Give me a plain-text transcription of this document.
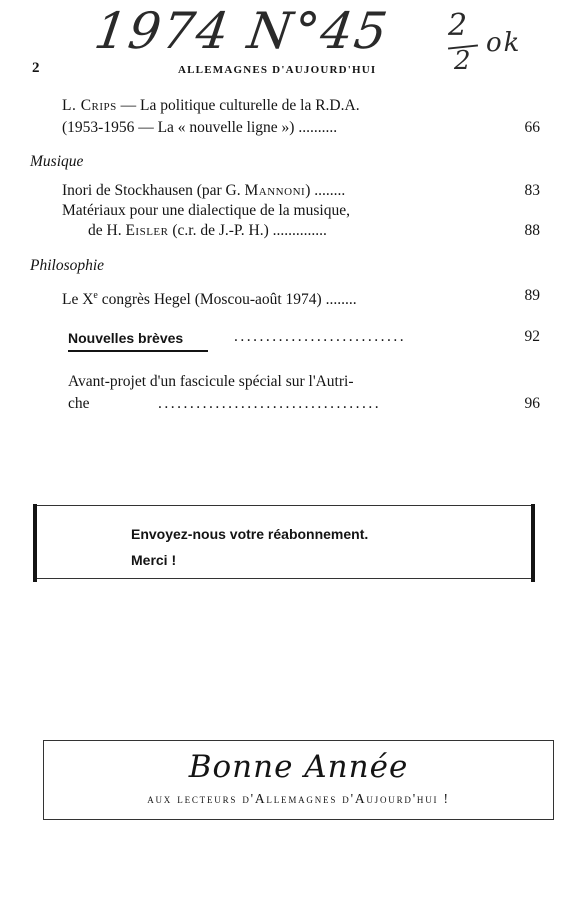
1974 N°45 2
2
ok
2	ALLEMAGNES D'AUJOURD'HUI
L. Crips — La politique culturelle de la R.D.A.
(1953-1956 — La « nouvelle ligne ») ..........	66
Musique
Inori de Stockhausen (par G. Mannoni) ........	83
Matériaux pour une dialectique de la musique,
de H. Eisler (c.r. de J.-P. H.) ..............	88
Philosophie
Le Xe congrès Hegel (Moscou-août 1974) ........	89
Nouvelles brèves	...........................	92
Avant-projet d'un fascicule spécial sur l'Autri-
che	...................................	96
Envoyez-nous votre réabonnement.
Merci !
Bonne Année
aux lecteurs d'Allemagnes d'Aujourd'hui !
